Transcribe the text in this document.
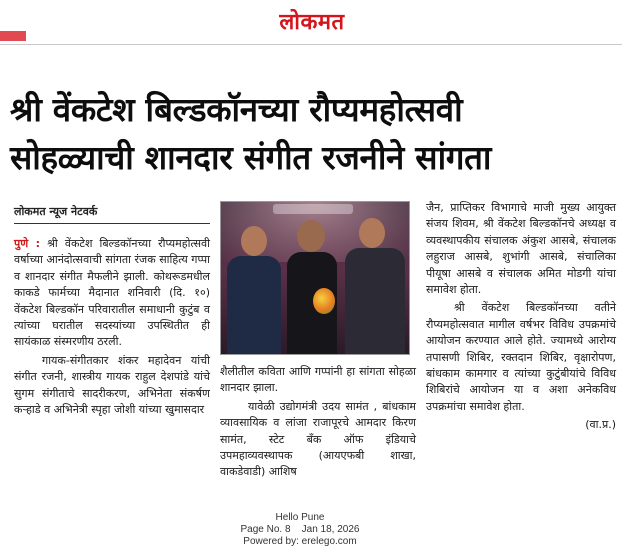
लोकमत
श्री वेंकटेश बिल्डकॉनच्या रौप्यमहोत्सवी
सोहळ्याची शानदार संगीत रजनीने सांगता
लोकमत न्यूज नेटवर्क

पुणे : श्री वेंकटेश बिल्डकॉनच्या रौप्यमहोत्सवी वर्षाच्या आनंदोत्सवाची सांगता रंजक साहित्य गप्पा व शानदार संगीत मैफलीने झाली. कोथरूडमधील काकडे फार्मच्या मैदानात शनिवारी (दि. १०) वेंकटेश बिल्डकॉन परिवारातील समाधानी कुटुंब व त्यांच्या घरातील सदस्यांच्या उपस्थितीत ही सायंकाळ संस्मरणीय ठरली.

गायक-संगीतकार शंकर महादेवन यांची संगीत रजनी, शास्त्रीय गायक राहुल देशपांडे यांचे सुगम संगीताचे सादरीकरण, अभिनेता संकर्षण कऱ्हाडे व अभिनेत्री स्पृहा जोशी यांच्या खुमासदार

शैलीतील कविता आणि गप्पांनी हा सांगता सोहळा शानदार झाला.

यावेळी उद्योगमंत्री उदय सामंत , बांधकाम व्यावसायिक व लांजा राजापूरचे आमदार किरण सामंत, स्टेट बँक ऑफ इंडियाचे उपमहाव्यवस्थापक (आयएफबी शाखा, वाकडेवाडी) आशिष

जैन, प्राप्तिकर विभागाचे माजी मुख्य आयुक्त संजय शिवम, श्री वेंकटेश बिल्डकॉनचे अध्यक्ष व व्यवस्थापकीय संचालक अंकुश आसबे, संचालक लहुराज आसबे, शुभांगी आसबे, संचालिका पीयूषा आसबे व संचालक अमित मोडगी यांचा समावेश होता.

श्री वेंकटेश बिल्डकॉनच्या वतीने रौप्यमहोत्सवात मागील वर्षभर विविध उपक्रमांचे आयोजन करण्यात आले होते. ज्यामध्ये आरोग्य तपासणी शिबिर, रक्तदान शिबिर, वृक्षारोपण, बांधकाम कामगार व त्यांच्या कुटुंबीयांचे विविध शिबिरांचे आयोजन या व अशा अनेकविध उपक्रमांचा समावेश होता.

(वा.प्र.)

Hello Pune
Page No. 8    Jan 18, 2026
Powered by: erelego.com
